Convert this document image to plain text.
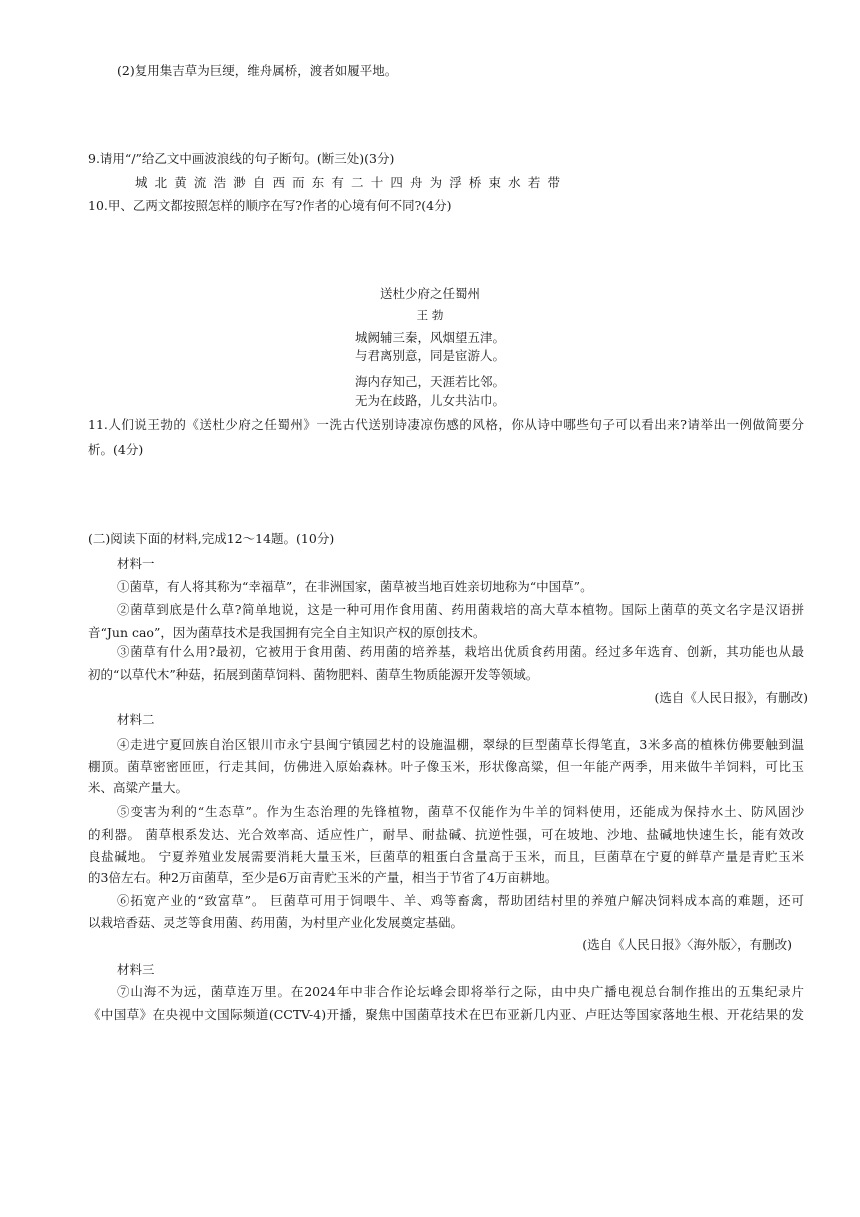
(2)复用集吉草为巨绠，维舟属桥，渡者如履平地。
9.请用“/”给乙文中画波浪线的句子断句。(断三处)(3分)
城 北 黄 流 浩 渺 自 西 而 东 有 二 十 四 舟 为 浮 桥 束 水 若 带
10.甲、乙两文都按照怎样的顺序在写?作者的心境有何不同?(4分)
送杜少府之任蜀州
王 勃
城阙辅三秦，风烟望五津。
与君离别意，同是宦游人。
海内存知己，天涯若比邻。
无为在歧路，儿女共沾巾。
11.人们说王勃的《送杜少府之任蜀州》一洗古代送别诗凄凉伤感的风格，你从诗中哪些句子可以看出来?请举出一例做简要分
析。(4分)
(二)阅读下面的材料,完成12～14题。(10分)
材料一
①菌草，有人将其称为“幸福草”，在非洲国家，菌草被当地百姓亲切地称为“中国草”。
②菌草到底是什么草?简单地说，这是一种可用作食用菌、药用菌栽培的高大草本植物。国际上菌草的英文名字是汉语拼
音“Jun cao”，因为菌草技术是我国拥有完全自主知识产权的原创技术。
③菌草有什么用?最初，它被用于食用菌、药用菌的培养基，栽培出优质食药用菌。经过多年选育、创新，其功能也从最
初的“以草代木”种菇，拓展到菌草饲料、菌物肥料、菌草生物质能源开发等领域。
(选自《人民日报》，有删改)
材料二
④走进宁夏回族自治区银川市永宁县闽宁镇园艺村的设施温棚，翠绿的巨型菌草长得笔直，3米多高的植株仿佛要触到温
棚顶。菌草密密匝匝，行走其间，仿佛进入原始森林。叶子像玉米，形状像高粱，但一年能产两季，用来做牛羊饲料，可比玉
米、高粱产量大。
⑤变害为利的“生态草”。作为生态治理的先锋植物，菌草不仅能作为牛羊的饲料使用，还能成为保持水土、防风固沙
的利器。 菌草根系发达、光合效率高、适应性广，耐旱、耐盐碱、抗逆性强，可在坡地、沙地、盐碱地快速生长，能有效改
良盐碱地。 宁夏养殖业发展需要消耗大量玉米，巨菌草的粗蛋白含量高于玉米，而且，巨菌草在宁夏的鲜草产量是青贮玉米
的3倍左右。种2万亩菌草，至少是6万亩青贮玉米的产量，相当于节省了4万亩耕地。
⑥拓宽产业的“致富草”。 巨菌草可用于饲喂牛、羊、鸡等畜禽，帮助团结村里的养殖户解决饲料成本高的难题，还可
以栽培香菇、灵芝等食用菌、药用菌，为村里产业化发展奠定基础。
(选自《人民日报》〈海外版〉，有删改)
材料三
⑦山海不为远，菌草连万里。在2024年中非合作论坛峰会即将举行之际，由中央广播电视总台制作推出的五集纪录片
《中国草》在央视中文国际频道(CCTV-4)开播，聚焦中国菌草技术在巴布亚新几内亚、卢旺达等国家落地生根、开花结果的发
